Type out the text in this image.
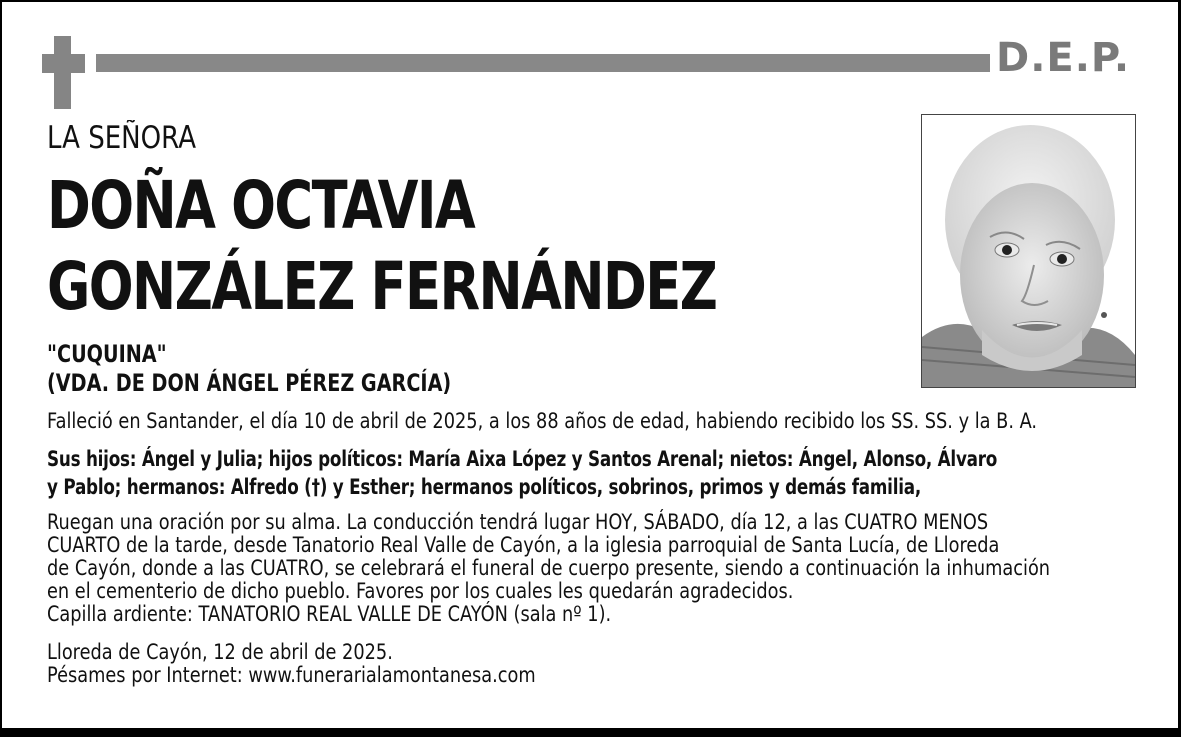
D.E.P.
LA SEÑORA
DOÑA OCTAVIA
GONZÁLEZ FERNÁNDEZ
"CUQUINA"
(VDA. DE DON ÁNGEL PÉREZ GARCÍA)
Falleció en Santander, el día 10 de abril de 2025, a los 88 años de edad, habiendo recibido los SS. SS. y la B. A.
Sus hijos: Ángel y Julia; hijos políticos: María Aixa López y Santos Arenal; nietos: Ángel, Alonso, Álvaro
y Pablo; hermanos: Alfredo (†) y Esther; hermanos políticos, sobrinos, primos y demás familia,
Ruegan una oración por su alma. La conducción tendrá lugar HOY, SÁBADO, día 12, a las CUATRO MENOS
CUARTO de la tarde, desde Tanatorio Real Valle de Cayón, a la iglesia parroquial de Santa Lucía, de Lloreda
de Cayón, donde a las CUATRO, se celebrará el funeral de cuerpo presente, siendo a continuación la inhumación
en el cementerio de dicho pueblo. Favores por los cuales les quedarán agradecidos.
Capilla ardiente: TANATORIO REAL VALLE DE CAYÓN (sala nº 1).
Lloreda de Cayón, 12 de abril de 2025.
Pésames por Internet: www.funerarialamontanesa.com
